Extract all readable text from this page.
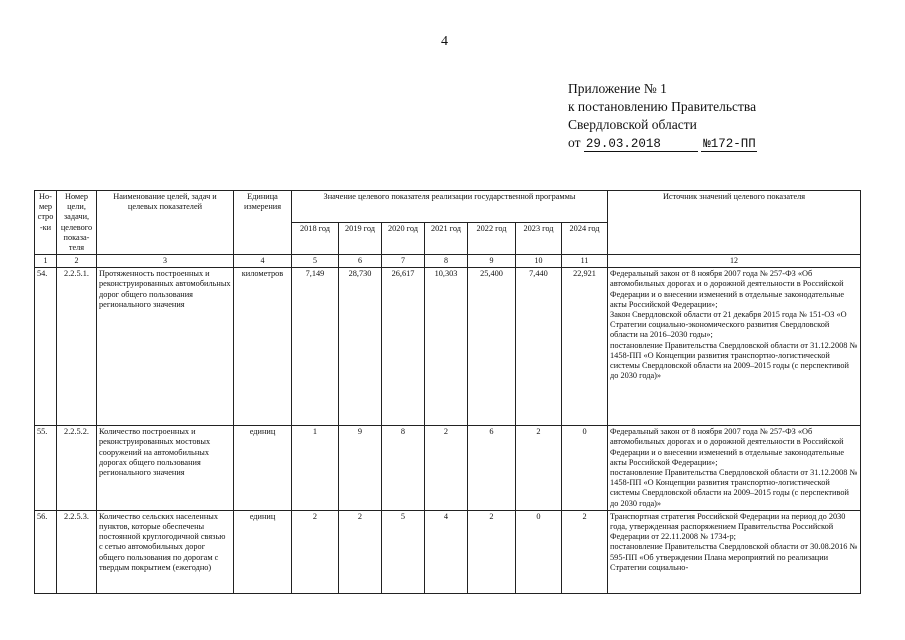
4
Приложение № 1
к постановлению Правительства
Свердловской области
от 29.03.2018	№172-ПП
Но-мер стро-ки	Номер цели, задачи, целевого показа-теля	Наименование целей, задач и целевых показателей	Единица измерения	Значение целевого показателя реализации государственной программы							Источник значений целевого показателя
				2018 год	2019 год	2020 год	2021 год	2022 год	2023 год	2024 год	
1	2	3	4	5	6	7	8	9	10	11	12
54.	2.2.5.1.	Протяженность построенных и реконструированных автомобильных дорог общего пользования регионального значения	километров	7,149	28,730	26,617	10,303	25,400	7,440	22,921	Федеральный закон от 8 ноября 2007 года № 257-ФЗ «Об автомобильных дорогах и о дорожной деятельности в Российской Федерации и о внесении изменений в отдельные законодательные акты Российской Федерации»;
Закон Свердловской области от 21 декабря 2015 года № 151-ОЗ «О Стратегии социально-экономического развития Свердловской области на 2016–2030 годы»;
постановление Правительства Свердловской области от 31.12.2008 № 1458-ПП «О Концепции развития транспортно-логистической системы Свердловской области на 2009–2015 годы (с перспективой до 2030 года)»

55.	2.2.5.2.	Количество построенных и реконструированных мостовых сооружений на автомобильных дорогах общего пользования регионального значения	единиц	1	9	8	2	6	2	0	Федеральный закон от 8 ноября 2007 года № 257-ФЗ «Об автомобильных дорогах и о дорожной деятельности в Российской Федерации и о внесении изменений в отдельные законодательные акты Российской Федерации»;
постановление Правительства Свердловской области от 31.12.2008 № 1458-ПП «О Концепции развития транспортно-логистической системы Свердловской области на 2009–2015 годы (с перспективой до 2030 года)»

56.	2.2.5.3.	Количество сельских населенных пунктов, которые обеспечены постоянной круглогодичной связью с сетью автомобильных дорог общего пользования по дорогам с твердым покрытием (ежегодно)	единиц	2	2	5	4	2	0	2	Транспортная стратегия Российской Федерации на период до 2030 года, утвержденная распоряжением Правительства Российской Федерации от 22.11.2008 № 1734-р;
постановление Правительства Свердловской области от 30.08.2016 № 595-ПП «Об утверждении Плана мероприятий по реализации Стратегии социально-
